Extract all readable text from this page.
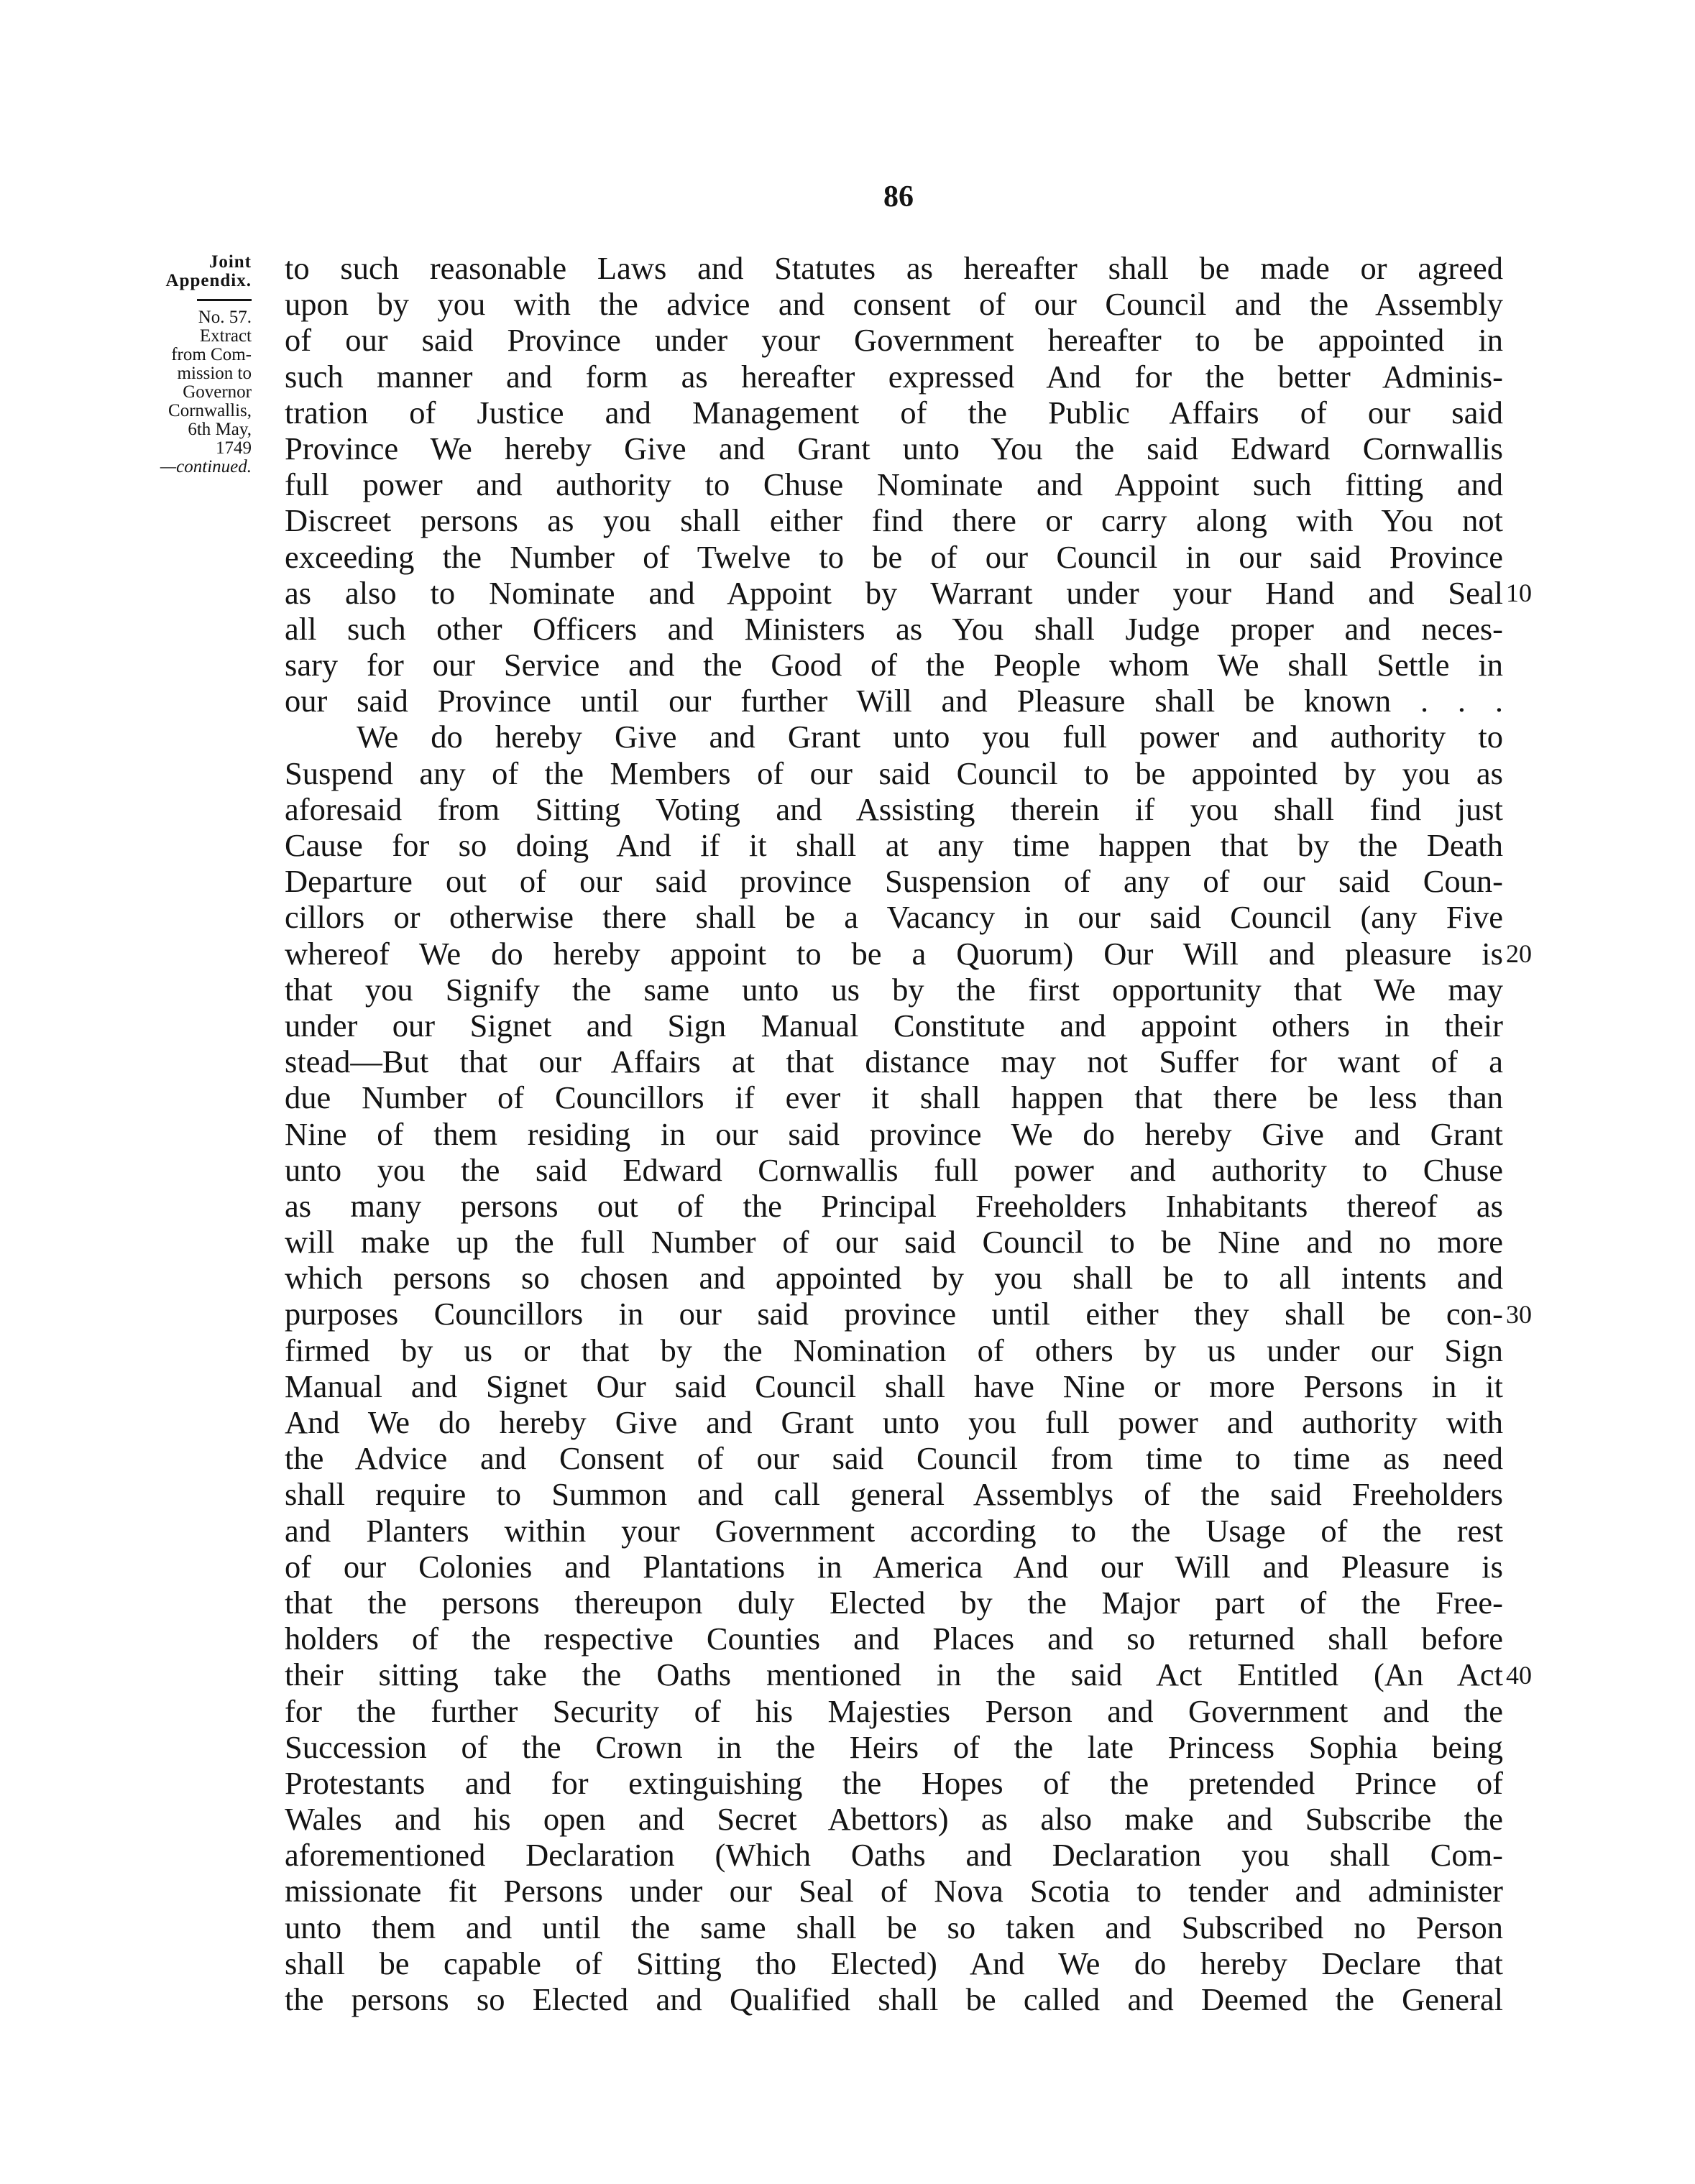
86
Joint
Appendix.
No. 57.
Extract
from Com-
mission to
Governor
Cornwallis,
6th May,
1749
—continued.
to such reasonable Laws and Statutes as hereafter shall be made or agreed
upon by you with the advice and consent of our Council and the Assembly
of our said Province under your Government hereafter to be appointed in
such manner and form as hereafter expressed And for the better Adminis-
tration of Justice and Management of the Public Affairs of our said
Province We hereby Give and Grant unto You the said Edward Cornwallis
full power and authority to Chuse Nominate and Appoint such fitting and
Discreet persons as you shall either find there or carry along with You not
exceeding the Number of Twelve to be of our Council in our said Province
as also to Nominate and Appoint by Warrant under your Hand and Seal
all such other Officers and Ministers as You shall Judge proper and neces-
sary for our Service and the Good of the People whom We shall Settle in
our said Province until our further Will and Pleasure shall be known . . .
We do hereby Give and Grant unto you full power and authority to
Suspend any of the Members of our said Council to be appointed by you as
aforesaid from Sitting Voting and Assisting therein if you shall find just
Cause for so doing And if it shall at any time happen that by the Death
Departure out of our said province Suspension of any of our said Coun-
cillors or otherwise there shall be a Vacancy in our said Council (any Five
whereof We do hereby appoint to be a Quorum) Our Will and pleasure is
that you Signify the same unto us by the first opportunity that We may
under our Signet and Sign Manual Constitute and appoint others in their
stead—But that our Affairs at that distance may not Suffer for want of a
due Number of Councillors if ever it shall happen that there be less than
Nine of them residing in our said province We do hereby Give and Grant
unto you the said Edward Cornwallis full power and authority to Chuse
as many persons out of the Principal Freeholders Inhabitants thereof as
will make up the full Number of our said Council to be Nine and no more
which persons so chosen and appointed by you shall be to all intents and
purposes Councillors in our said province until either they shall be con-
firmed by us or that by the Nomination of others by us under our Sign
Manual and Signet Our said Council shall have Nine or more Persons in it
And We do hereby Give and Grant unto you full power and authority with
the Advice and Consent of our said Council from time to time as need
shall require to Summon and call general Assemblys of the said Freeholders
and Planters within your Government according to the Usage of the rest
of our Colonies and Plantations in America And our Will and Pleasure is
that the persons thereupon duly Elected by the Major part of the Free-
holders of the respective Counties and Places and so returned shall before
their sitting take the Oaths mentioned in the said Act Entitled (An Act
for the further Security of his Majesties Person and Government and the
Succession of the Crown in the Heirs of the late Princess Sophia being
Protestants and for extinguishing the Hopes of the pretended Prince of
Wales and his open and Secret Abettors) as also make and Subscribe the
aforementioned Declaration (Which Oaths and Declaration you shall Com-
missionate fit Persons under our Seal of Nova Scotia to tender and administer
unto them and until the same shall be so taken and Subscribed no Person
shall be capable of Sitting tho Elected) And We do hereby Declare that
the persons so Elected and Qualified shall be called and Deemed the General
10
20
30
40
